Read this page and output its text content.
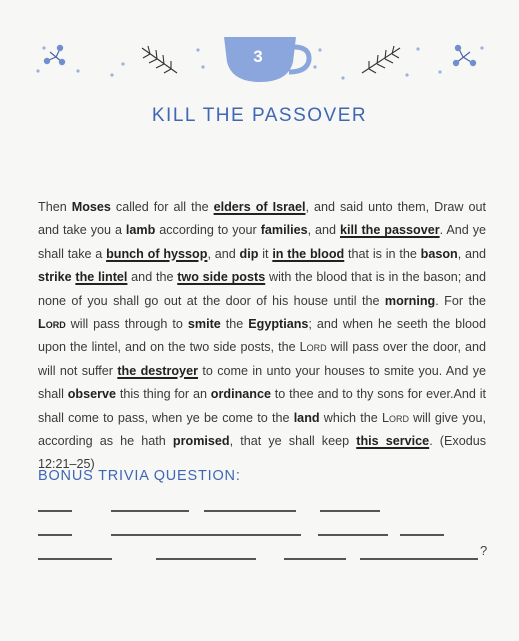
3
KILL THE PASSOVER
Then Moses called for all the elders of Israel, and said unto them, Draw out and take you a lamb according to your families, and kill the passover. And ye shall take a bunch of hyssop, and dip it in the blood that is in the bason, and strike the lintel and the two side posts with the blood that is in the bason; and none of you shall go out at the door of his house until the morning. For the Lord will pass through to smite the Egyptians; and when he seeth the blood upon the lintel, and on the two side posts, the Lord will pass over the door, and will not suffer the destroyer to come in unto your houses to smite you. And ye shall observe this thing for an ordinance to thee and to thy sons for ever.And it shall come to pass, when ye be come to the land which the Lord will give you, according as he hath promised, that ye shall keep this service. (Exodus 12:21–25)
BONUS TRIVIA QUESTION:
?
